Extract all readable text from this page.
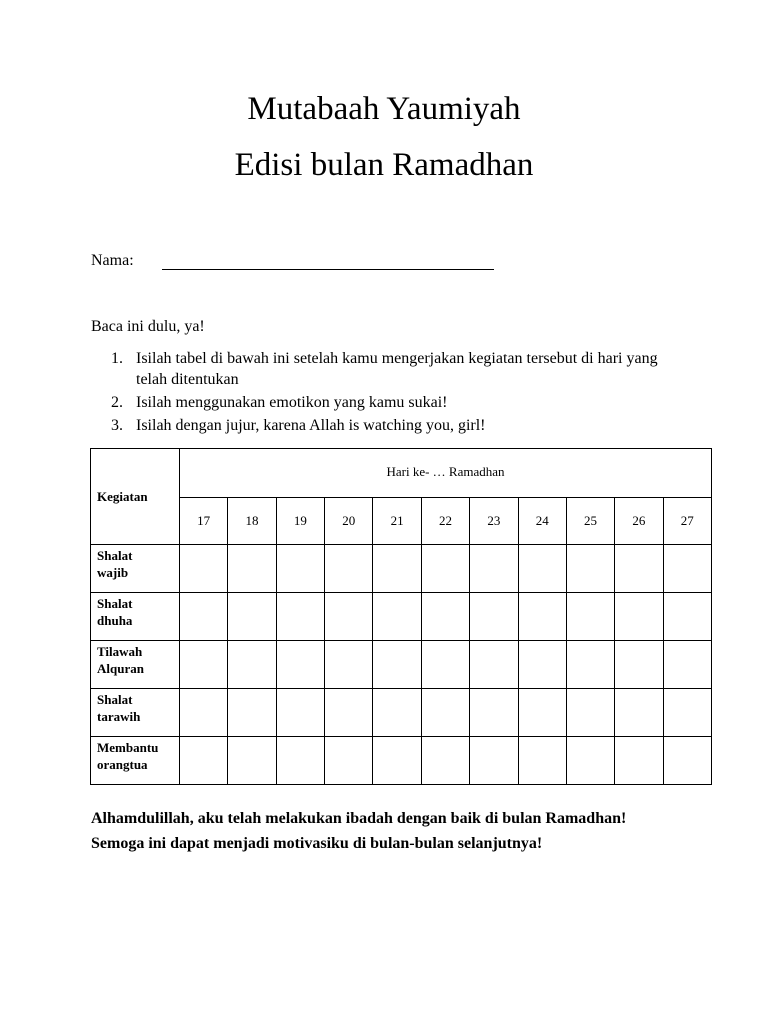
Mutabaah Yaumiyah
Edisi bulan Ramadhan
Nama:
Baca ini dulu, ya!
1. Isilah tabel di bawah ini setelah kamu mengerjakan kegiatan tersebut di hari yang telah ditentukan
2. Isilah menggunakan emotikon yang kamu sukai!
3. Isilah dengan jujur, karena Allah is watching you, girl!
Kegiatan	Hari ke- … Ramadhan										
	17	18	19	20	21	22	23	24	25	26	27

Shalat
wajib											

Shalat
dhuha											

Tilawah
Alquran											

Shalat
tarawih											

Membantu
orangtua											

Alhamdulillah, aku telah melakukan ibadah dengan baik di bulan Ramadhan! Semoga ini dapat menjadi motivasiku di bulan-bulan selanjutnya!
